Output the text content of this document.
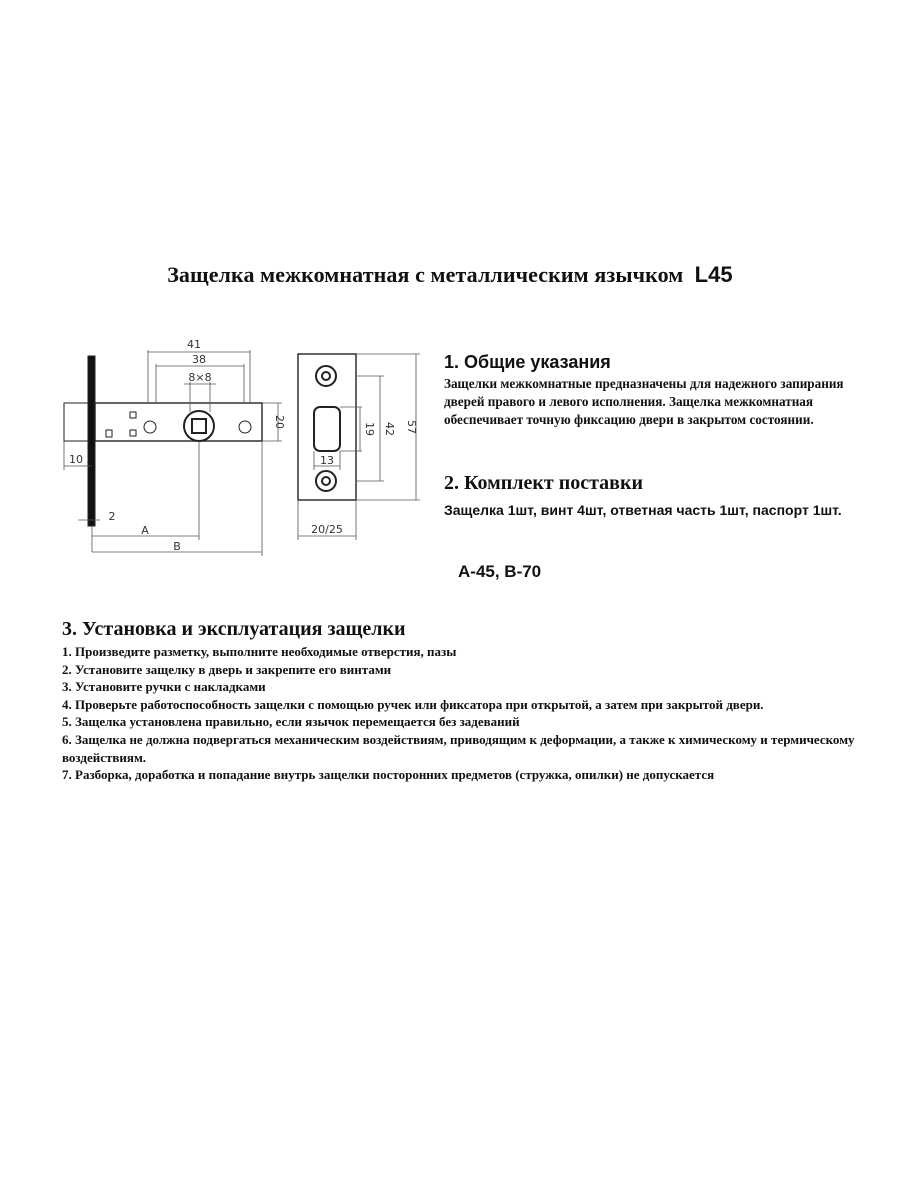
Защелка межкомнатная с металлическим язычком L45
41
38
8×8
20
10
2
A
B
19 42 57
13
20/25
1. Общие указания

Защелки межкомнатные предназначены для надежного запирания дверей правого и левого исполнения. Защелка межкомнатная обеспечивает точную фиксацию двери в закрытом состоянии.

2. Комплект поставки

Защелка 1шт, винт 4шт, ответная часть 1шт, паспорт 1шт.

А-45, В-70
3. Установка и эксплуатация защелки
1. Произведите разметку, выполните необходимые отверстия, пазы
2. Установите защелку в дверь и закрепите его винтами
3. Установите ручки с накладками
4. Проверьте работоспособность защелки с помощью ручек или фиксатора при открытой, а затем при закрытой двери.
5. Защелка установлена правильно, если язычок перемещается без задеваний
6. Защелка не должна подвергаться механическим воздействиям, приводящим к деформации, а также к химическому и термическому воздействиям.
7. Разборка, доработка и попадание внутрь защелки посторонних предметов (стружка, опилки) не допускается
